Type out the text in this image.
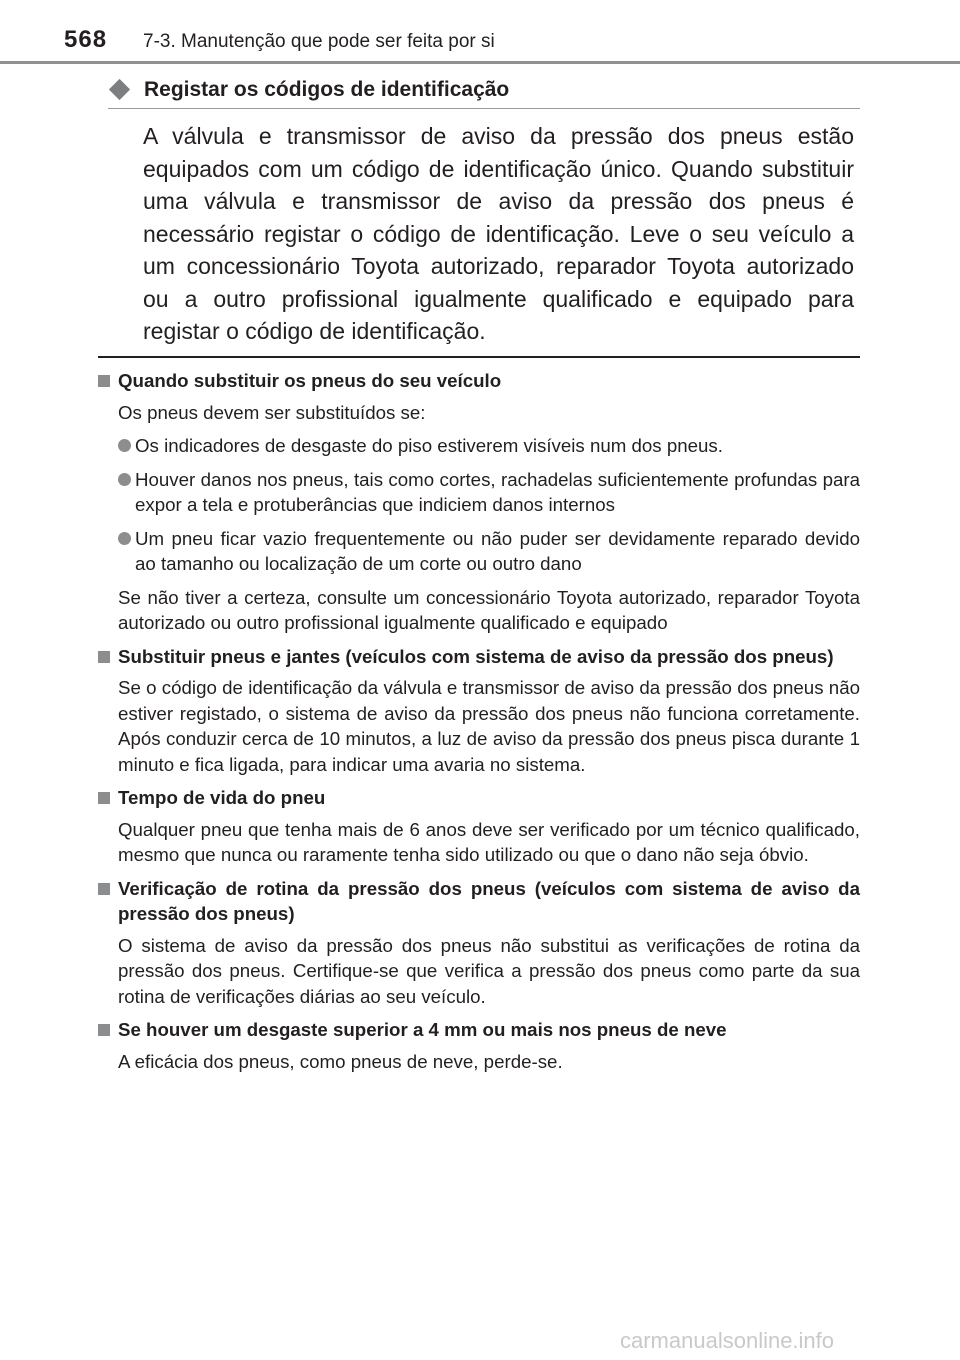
568 7-3. Manutenção que pode ser feita por si
Registar os códigos de identificação
A válvula e transmissor de aviso da pressão dos pneus estão equipados com um código de identificação único. Quando substituir uma válvula e transmissor de aviso da pressão dos pneus é necessário registar o código de identificação. Leve o seu veículo a um concessionário Toyota autorizado, reparador Toyota autorizado ou a outro profissional igualmente qualificado e equipado para registar o código de identificação.
Quando substituir os pneus do seu veículo
Os pneus devem ser substituídos se:
Os indicadores de desgaste do piso estiverem visíveis num dos pneus.
Houver danos nos pneus, tais como cortes, rachadelas suficientemente profundas para expor a tela e protuberâncias que indiciem danos internos
Um pneu ficar vazio frequentemente ou não puder ser devidamente reparado devido ao tamanho ou localização de um corte ou outro dano
Se não tiver a certeza, consulte um concessionário Toyota autorizado, reparador Toyota autorizado ou outro profissional igualmente qualificado e equipado
Substituir pneus e jantes (veículos com sistema de aviso da pressão dos pneus)
Se o código de identificação da válvula e transmissor de aviso da pressão dos pneus não estiver registado, o sistema de aviso da pressão dos pneus não funciona corretamente. Após conduzir cerca de 10 minutos, a luz de aviso da pressão dos pneus pisca durante 1 minuto e fica ligada, para indicar uma avaria no sistema.
Tempo de vida do pneu
Qualquer pneu que tenha mais de 6 anos deve ser verificado por um técnico qualificado, mesmo que nunca ou raramente tenha sido utilizado ou que o dano não seja óbvio.
Verificação de rotina da pressão dos pneus (veículos com sistema de aviso da pressão dos pneus)
O sistema de aviso da pressão dos pneus não substitui as verificações de rotina da pressão dos pneus. Certifique-se que verifica a pressão dos pneus como parte da sua rotina de verificações diárias ao seu veículo.
Se houver um desgaste superior a 4 mm ou mais nos pneus de neve
A eficácia dos pneus, como pneus de neve, perde-se.
carmanualsonline.info
